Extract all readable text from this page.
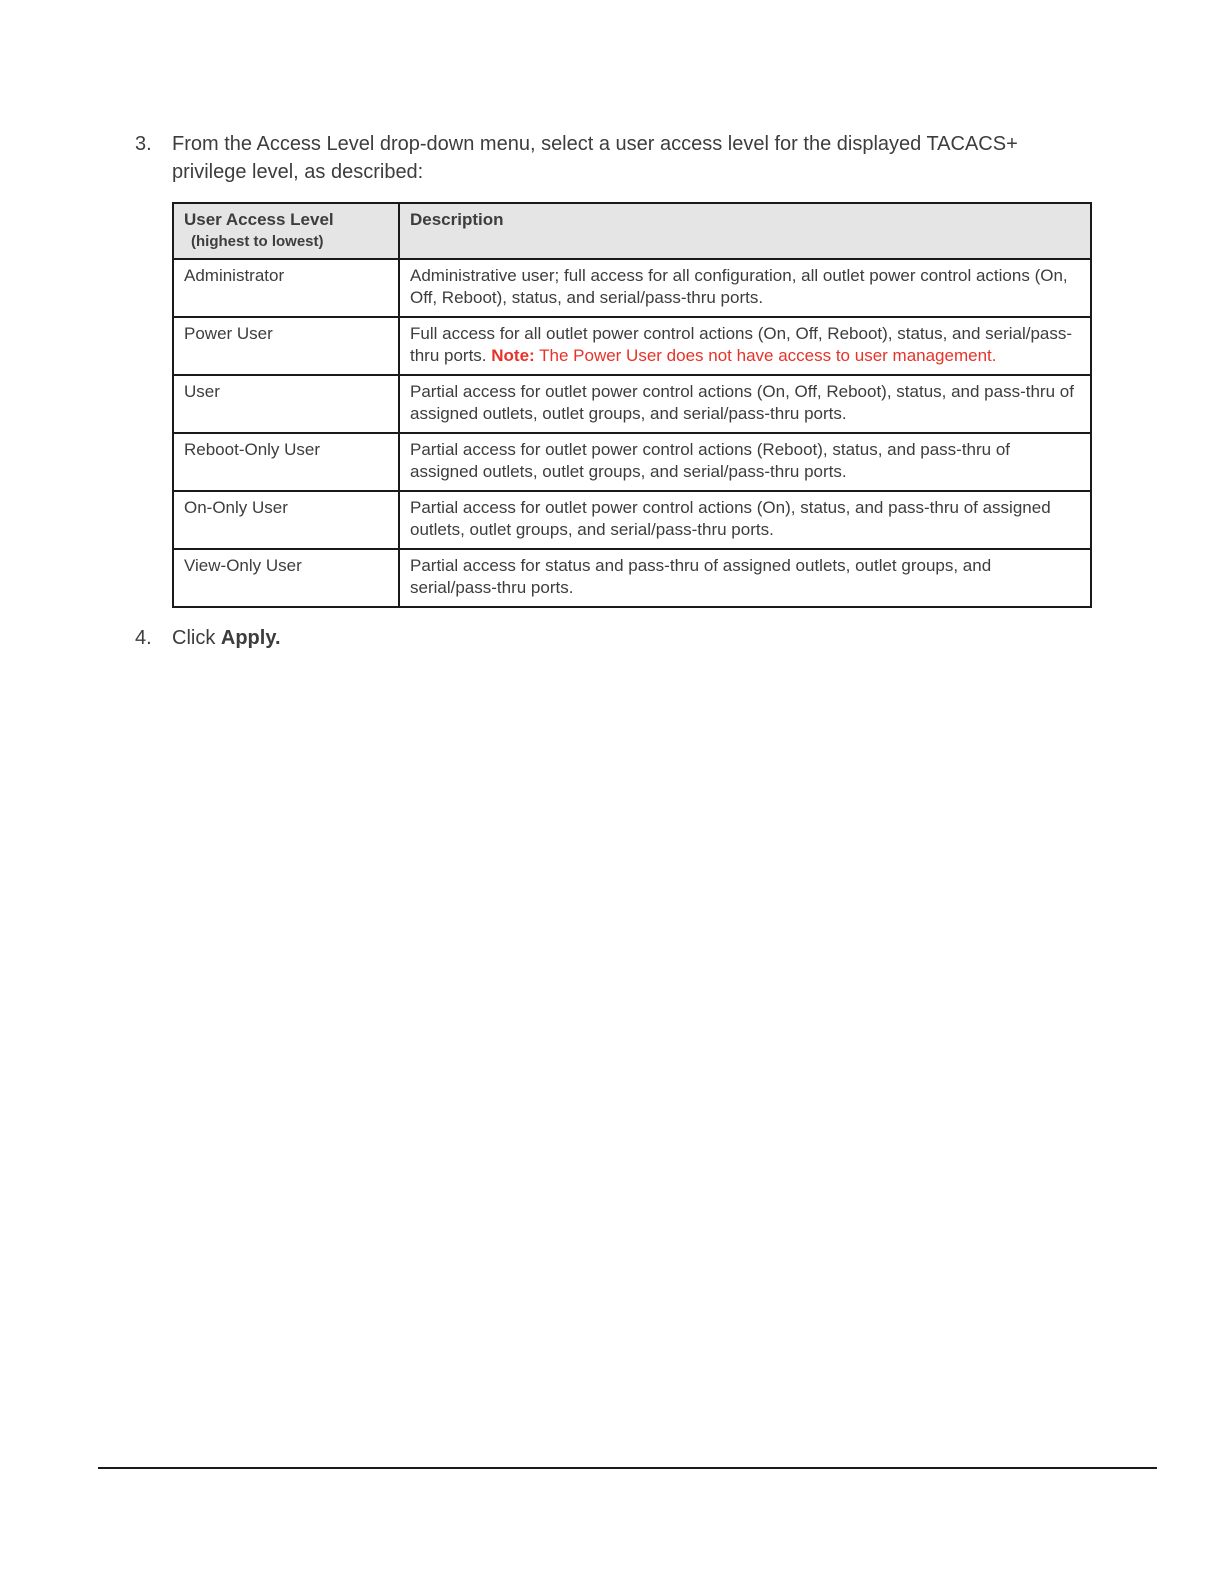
3. From the Access Level drop-down menu, select a user access level for the displayed TACACS+ privilege level, as described:
User Access Level
(highest to lowest)	Description
Administrator	Administrative user; full access for all configuration, all outlet power control actions (On, Off, Reboot), status, and serial/pass-thru ports.
Power User	Full access for all outlet power control actions (On, Off, Reboot), status, and serial/pass-thru ports. Note: The Power User does not have access to user management.
User	Partial access for outlet power control actions (On, Off, Reboot), status, and pass-thru of assigned outlets, outlet groups, and serial/pass-thru ports.
Reboot-Only User	Partial access for outlet power control actions (Reboot), status, and pass-thru of assigned outlets, outlet groups, and serial/pass-thru ports.
On-Only User	Partial access for outlet power control actions (On), status, and pass-thru of assigned outlets, outlet groups, and serial/pass-thru ports.
View-Only User	Partial access for status and pass-thru of assigned outlets, outlet groups, and serial/pass-thru ports.
4. Click Apply.
